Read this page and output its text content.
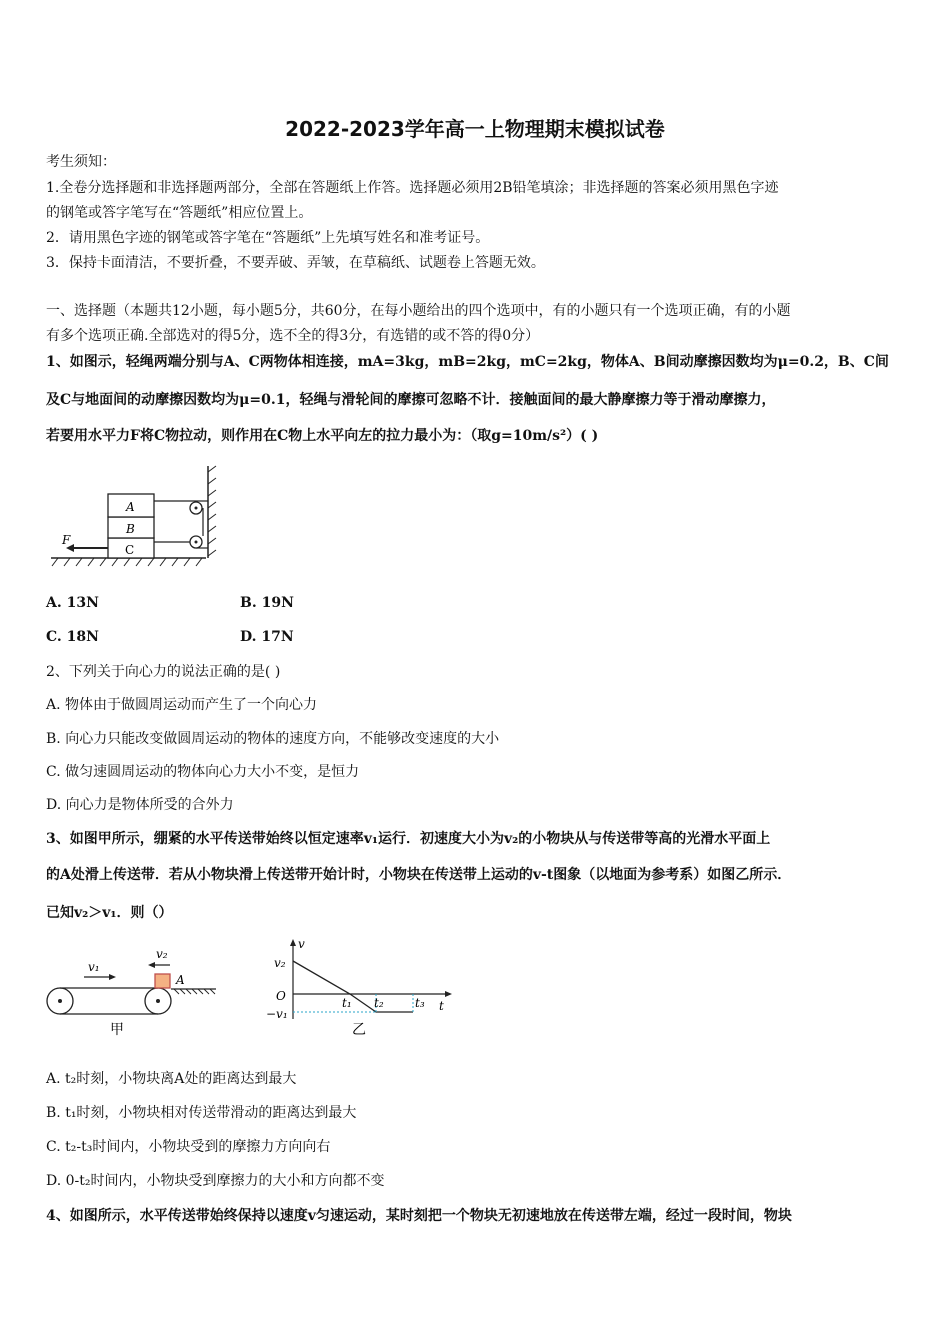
2022-2023学年高一上物理期末模拟试卷
考生须知：
1.全卷分选择题和非选择题两部分，全部在答题纸上作答。选择题必须用2B铅笔填涂；非选择题的答案必须用黑色字迹
的钢笔或答字笔写在“答题纸”相应位置上。
2．请用黑色字迹的钢笔或答字笔在“答题纸”上先填写姓名和准考证号。
3．保持卡面清洁，不要折叠，不要弄破、弄皱，在草稿纸、试题卷上答题无效。
一、选择题（本题共12小题，每小题5分，共60分，在每小题给出的四个选项中，有的小题只有一个选项正确，有的小题
有多个选项正确.全部选对的得5分，选不全的得3分，有选错的或不答的得0分）
1、如图示，轻绳两端分别与A、C两物体相连接，mA=3kg，mB=2kg，mC=2kg，物体A、B间动摩擦因数均为μ=0.2，B、C间
及C与地面间的动摩擦因数均为μ=0.1，轻绳与滑轮间的摩擦可忽略不计．接触面间的最大静摩擦力等于滑动摩擦力，
若要用水平力F将C物拉动，则作用在C物上水平向左的拉力最小为：（取g=10m/s²）( )
A
B
C
F
A. 13N	B. 19N
C. 18N	D. 17N
2、下列关于向心力的说法正确的是( )
A. 物体由于做圆周运动而产生了一个向心力
B. 向心力只能改变做圆周运动的物体的速度方向，不能够改变速度的大小
C. 做匀速圆周运动的物体向心力大小不变，是恒力
D. 向心力是物体所受的合外力
3、如图甲所示，绷紧的水平传送带始终以恒定速率v₁运行．初速度大小为v₂的小物块从与传送带等高的光滑水平面上
的A处滑上传送带．若从小物块滑上传送带开始计时，小物块在传送带上运动的v-t图象（以地面为参考系）如图乙所示．
已知v₂＞v₁．则（）
A
v₁
v₂
甲
v
t
O
v₂
−v₁
t₁ t₂	t₃
乙
A. t₂时刻，小物块离A处的距离达到最大
B. t₁时刻，小物块相对传送带滑动的距离达到最大
C. t₂-t₃时间内，小物块受到的摩擦力方向向右
D. 0-t₂时间内，小物块受到摩擦力的大小和方向都不变
4、如图所示，水平传送带始终保持以速度v匀速运动，某时刻把一个物块无初速地放在传送带左端，经过一段时间，物块
